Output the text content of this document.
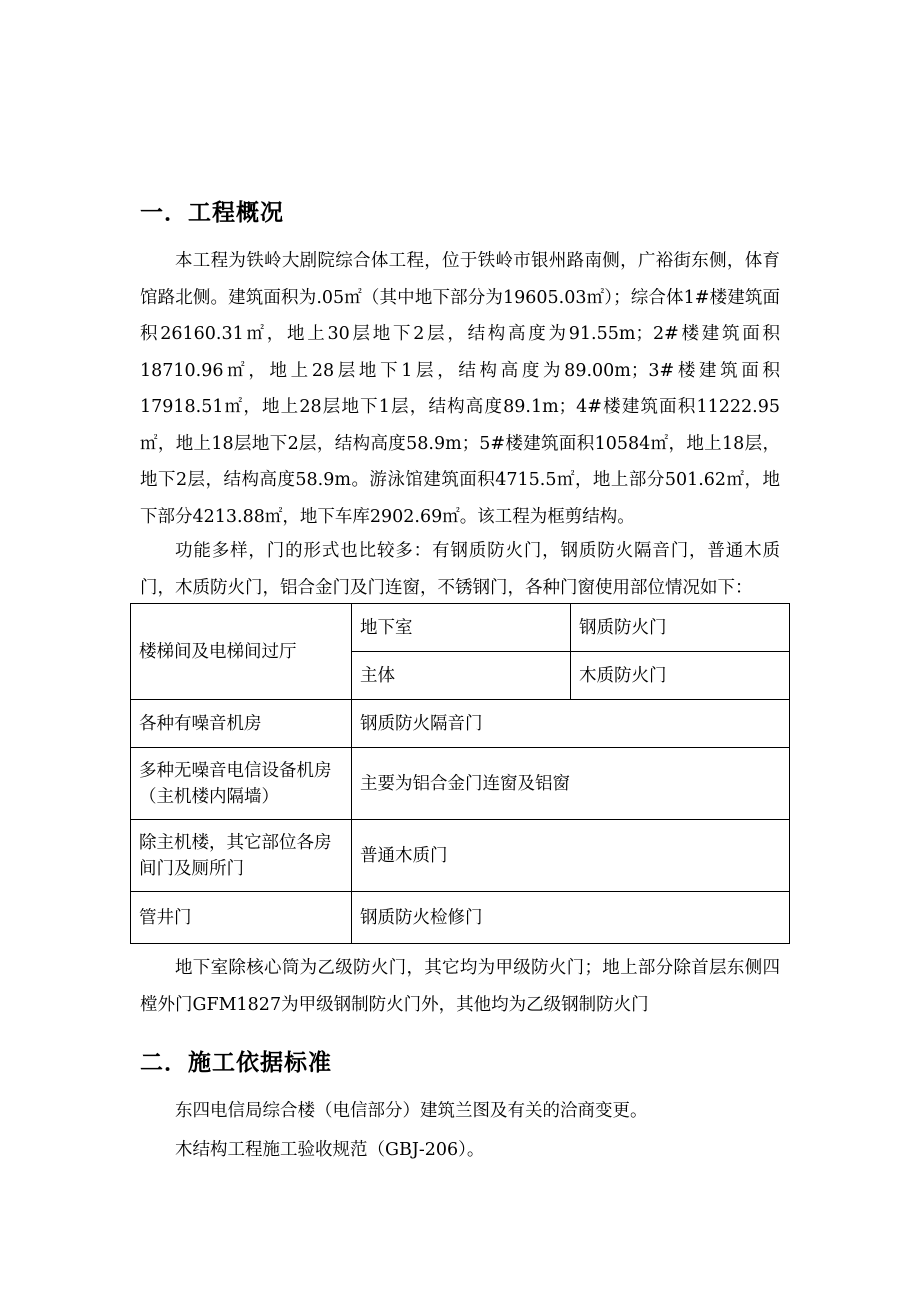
一．工程概况

本工程为铁岭大剧院综合体工程，位于铁岭市银州路南侧，广裕街东侧，体育馆路北侧。建筑面积为.05㎡（其中地下部分为19605.03㎡）；综合体1#楼建筑面积26160.31㎡，地上30层地下2层，结构高度为91.55m；2#楼建筑面积18710.96㎡，地上28层地下1层，结构高度为89.00m；3#楼建筑面积17918.51㎡，地上28层地下1层，结构高度89.1m；4#楼建筑面积11222.95㎡，地上18层地下2层，结构高度58.9m；5#楼建筑面积10584㎡，地上18层，地下2层，结构高度58.9m。游泳馆建筑面积4715.5㎡，地上部分501.62㎡，地下部分4213.88㎡，地下车库2902.69㎡。该工程为框剪结构。

功能多样，门的形式也比较多：有钢质防火门，钢质防火隔音门，普通木质门，木质防火门，铝合金门及门连窗，不锈钢门，各种门窗使用部位情况如下：

楼梯间及电梯间过厅	地下室	钢质防火门
	主体	木质防火门
各种有噪音机房	钢质防火隔音门	
多种无噪音电信设备机房（主机楼内隔墙）	主要为铝合金门连窗及铝窗	
除主机楼，其它部位各房间门及厕所门	普通木质门	
管井门	钢质防火检修门	

地下室除核心筒为乙级防火门，其它均为甲级防火门；地上部分除首层东侧四樘外门GFM1827为甲级钢制防火门外，其他均为乙级钢制防火门

二．施工依据标准
东四电信局综合楼（电信部分）建筑兰图及有关的洽商变更。
木结构工程施工验收规范（GBJ-206）。
